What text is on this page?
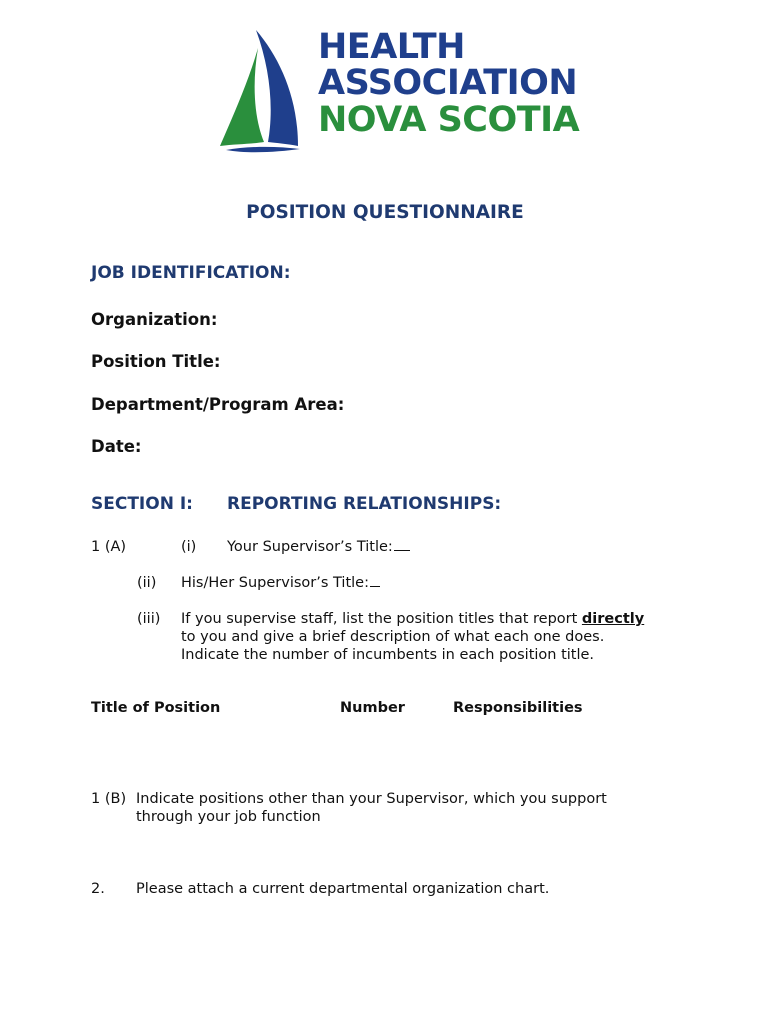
HEALTH
ASSOCIATION
NOVA SCOTIA
POSITION QUESTIONNAIRE
JOB IDENTIFICATION:
Organization:
Position Title:
Department/Program Area:
Date:
SECTION I: REPORTING RELATIONSHIPS:
1 (A)	(i) Your Supervisor’s Title:
(ii) His/Her Supervisor’s Title:
(iii) If you supervise staff, list the position titles that report directly
to you and give a brief description of what each one does.
Indicate the number of incumbents in each position title.
Title of Position	Number	Responsibilities
1 (B) Indicate positions other than your Supervisor, which you support
through your job function
2. Please attach a current departmental organization chart.
